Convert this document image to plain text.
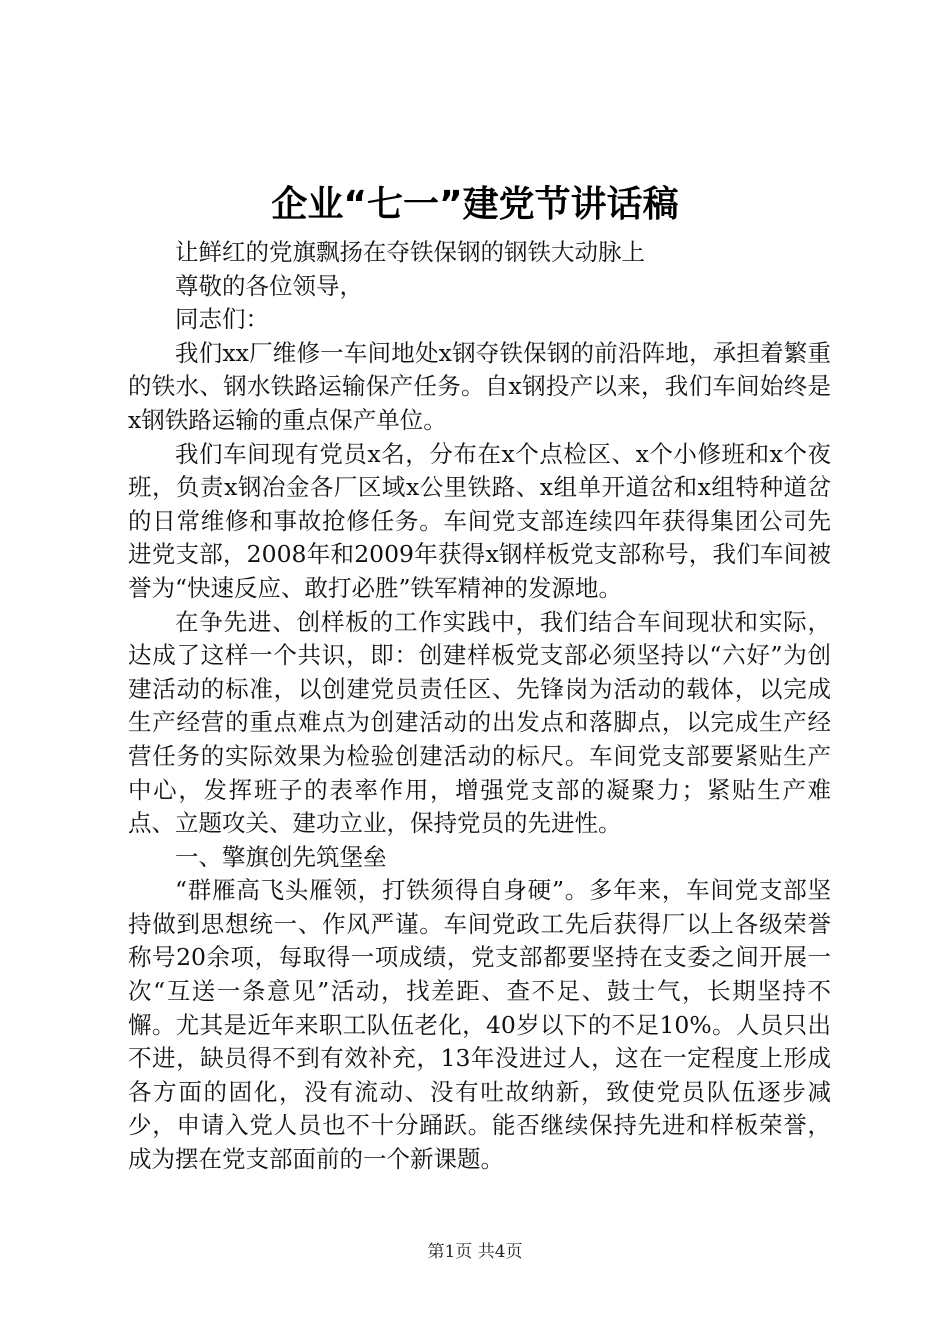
企业“七一”建党节讲话稿

让鲜红的党旗飘扬在夺铁保钢的钢铁大动脉上

尊敬的各位领导，

同志们：

我们xx厂维修一车间地处x钢夺铁保钢的前沿阵地，承担着繁重的铁水、钢水铁路运输保产任务。自x钢投产以来，我们车间始终是x钢铁路运输的重点保产单位。

我们车间现有党员x名，分布在x个点检区、x个小修班和x个夜班，负责x钢冶金各厂区域x公里铁路、x组单开道岔和x组特种道岔的日常维修和事故抢修任务。车间党支部连续四年获得集团公司先进党支部，2008年和2009年获得x钢样板党支部称号，我们车间被誉为“快速反应、敢打必胜”铁军精神的发源地。

在争先进、创样板的工作实践中，我们结合车间现状和实际，达成了这样一个共识，即：创建样板党支部必须坚持以“六好”为创建活动的标准，以创建党员责任区、先锋岗为活动的载体，以完成生产经营的重点难点为创建活动的出发点和落脚点，以完成生产经营任务的实际效果为检验创建活动的标尺。车间党支部要紧贴生产中心，发挥班子的表率作用，增强党支部的凝聚力；紧贴生产难点、立题攻关、建功立业，保持党员的先进性。

一、擎旗创先筑堡垒

“群雁高飞头雁领，打铁须得自身硬”。多年来，车间党支部坚持做到思想统一、作风严谨。车间党政工先后获得厂以上各级荣誉称号20余项，每取得一项成绩，党支部都要坚持在支委之间开展一次“互送一条意见”活动，找差距、查不足、鼓士气，长期坚持不懈。尤其是近年来职工队伍老化，40岁以下的不足10%。人员只出不进，缺员得不到有效补充，13年没进过人，这在一定程度上形成各方面的固化，没有流动、没有吐故纳新，致使党员队伍逐步减少，申请入党人员也不十分踊跃。能否继续保持先进和样板荣誉，成为摆在党支部面前的一个新课题。

第1页 共4页
